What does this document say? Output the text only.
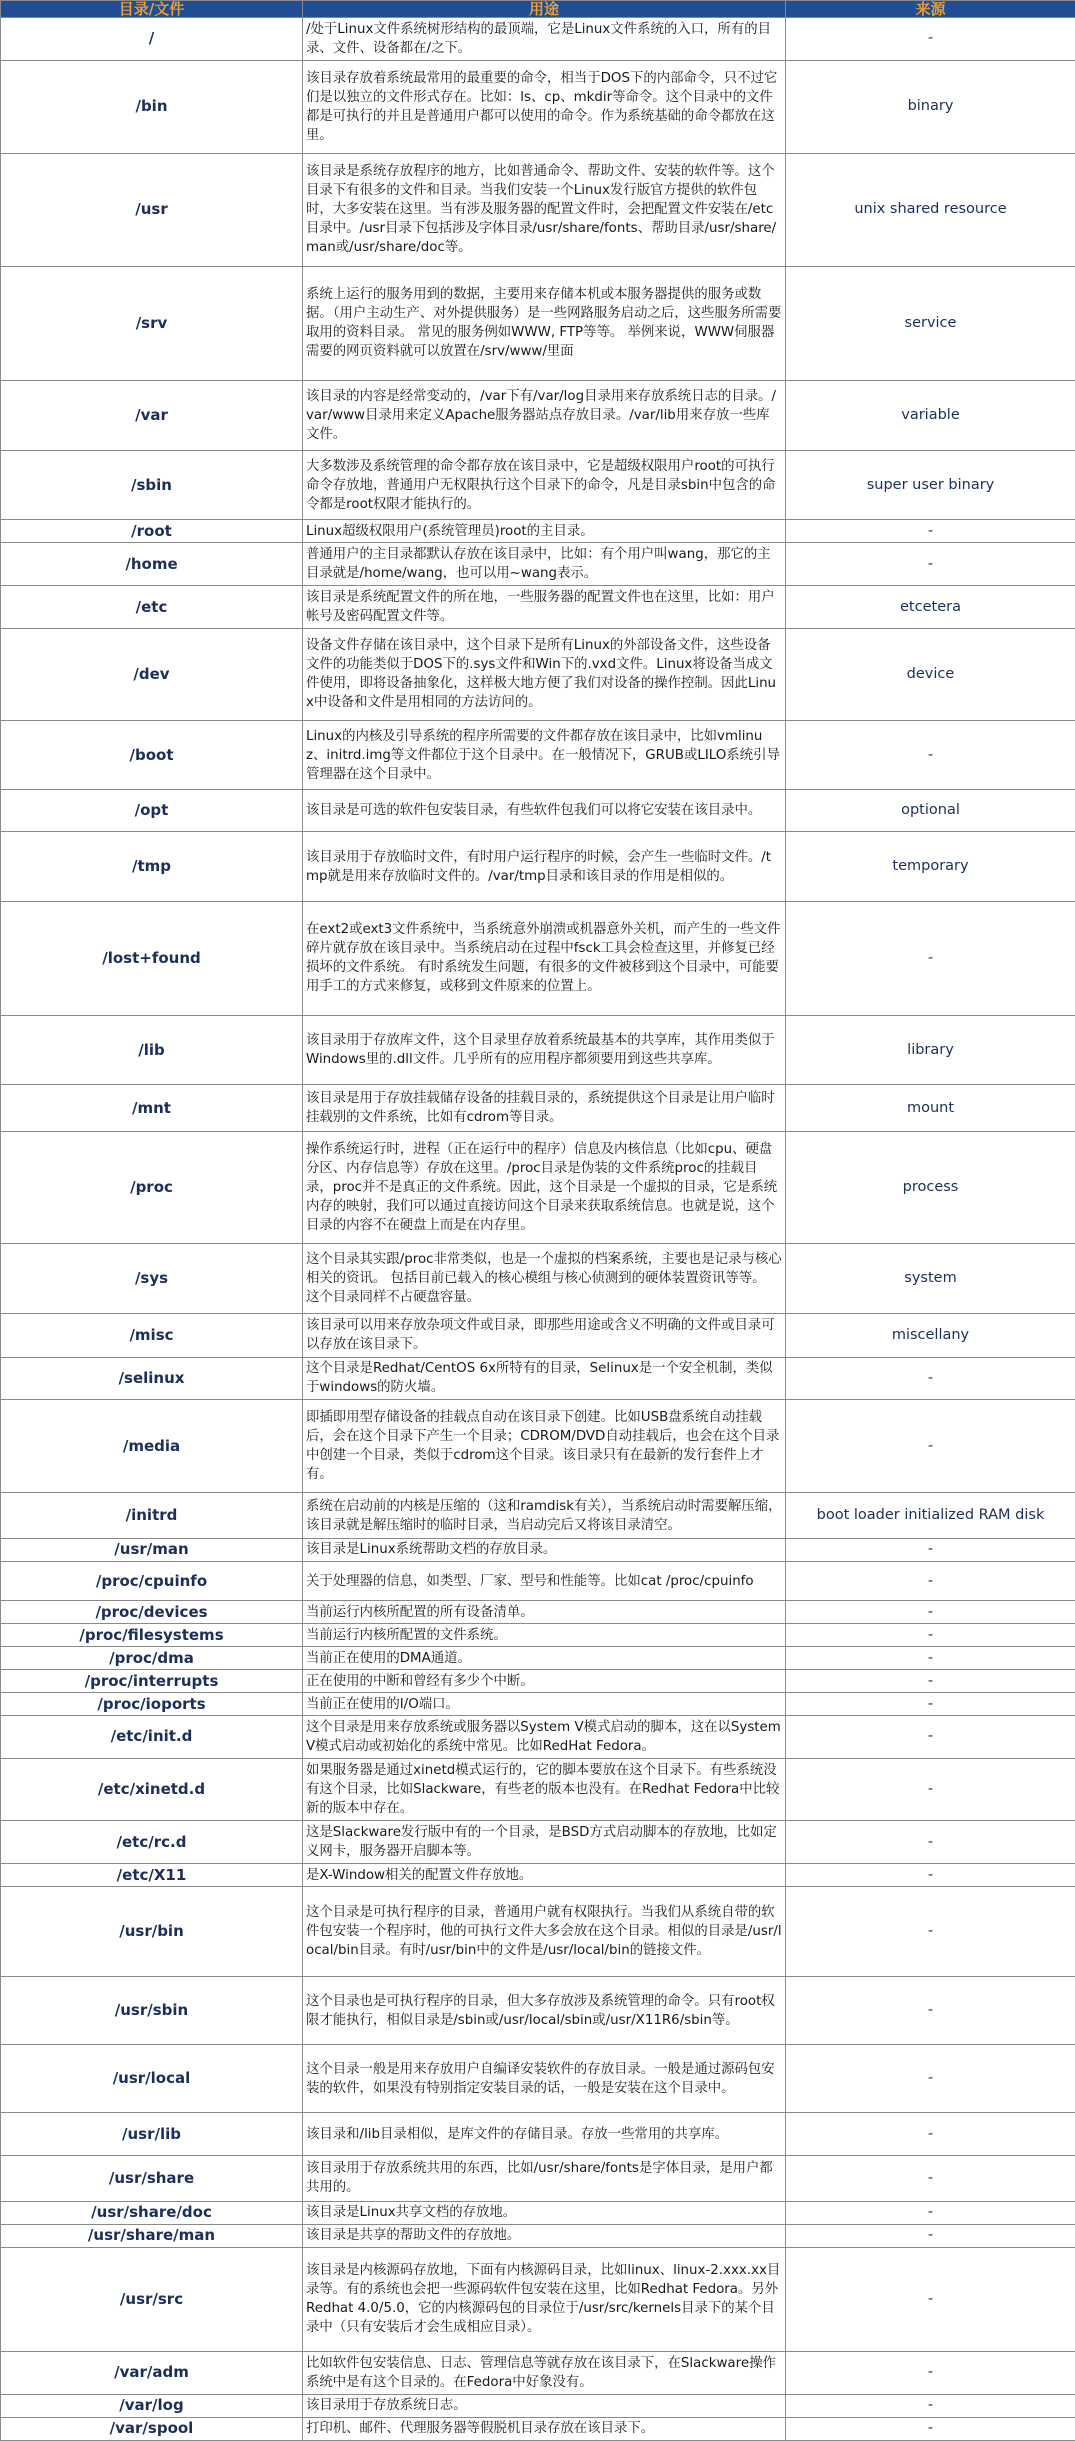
目录/文件	用途	来源
/	/处于Linux文件系统树形结构的最顶端，它是Linux文件系统的入口，所有的目录、文件、设备都在/之下。	-
/bin	该目录存放着系统最常用的最重要的命令，相当于DOS下的内部命令，只不过它们是以独立的文件形式存在。比如：ls、cp、mkdir等命令。这个目录中的文件都是可执行的并且是普通用户都可以使用的命令。作为系统基础的命令都放在这里。	binary
/usr	该目录是系统存放程序的地方，比如普通命令、帮助文件、安装的软件等。这个目录下有很多的文件和目录。当我们安装一个Linux发行版官方提供的软件包时，大多安装在这里。当有涉及服务器的配置文件时，会把配置文件安装在/etc目录中。/usr目录下包括涉及字体目录/usr/share/fonts、帮助目录/usr/share/man或/usr/share/doc等。	unix shared resource
/srv	系统上运行的服务用到的数据，主要用来存储本机或本服务器提供的服务或数据。（用户主动生产、对外提供服务）是一些网路服务启动之后，这些服务所需要取用的资料目录。 常见的服务例如WWW, FTP等等。 举例来说，WWW伺服器需要的网页资料就可以放置在/srv/www/里面	service
/var	该目录的内容是经常变动的，/var下有/var/log目录用来存放系统日志的目录。/var/www目录用来定义Apache服务器站点存放目录。/var/lib用来存放一些库文件。	variable
/sbin	大多数涉及系统管理的命令都存放在该目录中，它是超级权限用户root的可执行命令存放地，普通用户无权限执行这个目录下的命令，凡是目录sbin中包含的命令都是root权限才能执行的。	super user binary
/root	Linux超级权限用户(系统管理员)root的主目录。	-
/home	普通用户的主目录都默认存放在该目录中，比如：有个用户叫wang，那它的主目录就是/home/wang，也可以用~wang表示。	-
/etc	该目录是系统配置文件的所在地，一些服务器的配置文件也在这里，比如：用户帐号及密码配置文件等。	etcetera
/dev	设备文件存储在该目录中，这个目录下是所有Linux的外部设备文件，这些设备文件的功能类似于DOS下的.sys文件和Win下的.vxd文件。Linux将设备当成文件使用，即将设备抽象化，这样极大地方便了我们对设备的操作控制。因此Linux中设备和文件是用相同的方法访问的。	device
/boot	Linux的内核及引导系统的程序所需要的文件都存放在该目录中，比如vmlinuz、initrd.img等文件都位于这个目录中。在一般情况下，GRUB或LILO系统引导管理器在这个目录中。	-
/opt	该目录是可选的软件包安装目录，有些软件包我们可以将它安装在该目录中。	optional
/tmp	该目录用于存放临时文件，有时用户运行程序的时候，会产生一些临时文件。/tmp就是用来存放临时文件的。/var/tmp目录和该目录的作用是相似的。	temporary
/lost+found	在ext2或ext3文件系统中，当系统意外崩溃或机器意外关机，而产生的一些文件碎片就存放在该目录中。当系统启动在过程中fsck工具会检查这里，并修复已经损坏的文件系统。 有时系统发生问题，有很多的文件被移到这个目录中，可能要用手工的方式来修复，或移到文件原来的位置上。	-
/lib	该目录用于存放库文件，这个目录里存放着系统最基本的共享库，其作用类似于Windows里的.dll文件。几乎所有的应用程序都须要用到这些共享库。	library
/mnt	该目录是用于存放挂载储存设备的挂载目录的，系统提供这个目录是让用户临时挂载别的文件系统，比如有cdrom等目录。	mount
/proc	操作系统运行时，进程（正在运行中的程序）信息及内核信息（比如cpu、硬盘分区、内存信息等）存放在这里。/proc目录是伪装的文件系统proc的挂载目录，proc并不是真正的文件系统。因此，这个目录是一个虚拟的目录，它是系统内存的映射，我们可以通过直接访问这个目录来获取系统信息。也就是说，这个目录的内容不在硬盘上而是在内存里。	process
/sys	这个目录其实跟/proc非常类似，也是一个虚拟的档案系统，主要也是记录与核心相关的资讯。 包括目前已载入的核心模组与核心侦测到的硬体装置资讯等等。 这个目录同样不占硬盘容量。	system
/misc	该目录可以用来存放杂项文件或目录，即那些用途或含义不明确的文件或目录可以存放在该目录下。	miscellany
/selinux	这个目录是Redhat/CentOS 6x所特有的目录，Selinux是一个安全机制，类似于windows的防火墙。	-
/media	即插即用型存储设备的挂载点自动在该目录下创建。比如USB盘系统自动挂载后，会在这个目录下产生一个目录；CDROM/DVD自动挂载后，也会在这个目录中创建一个目录，类似于cdrom这个目录。该目录只有在最新的发行套件上才有。	-
/initrd	系统在启动前的内核是压缩的（这和ramdisk有关），当系统启动时需要解压缩，该目录就是解压缩时的临时目录，当启动完后又将该目录清空。	boot loader initialized RAM disk
/usr/man	该目录是Linux系统帮助文档的存放目录。	-
/proc/cpuinfo	关于处理器的信息，如类型、厂家、型号和性能等。比如cat /proc/cpuinfo	-
/proc/devices	当前运行内核所配置的所有设备清单。	-
/proc/filesystems	当前运行内核所配置的文件系统。	-
/proc/dma	当前正在使用的DMA通道。	-
/proc/interrupts	正在使用的中断和曾经有多少个中断。	-
/proc/ioports	当前正在使用的I/O端口。	-
/etc/init.d	这个目录是用来存放系统或服务器以System V模式启动的脚本，这在以System V模式启动或初始化的系统中常见。比如RedHat Fedora。	-
/etc/xinetd.d	如果服务器是通过xinetd模式运行的，它的脚本要放在这个目录下。有些系统没有这个目录，比如Slackware，有些老的版本也没有。在Redhat Fedora中比较新的版本中存在。	-
/etc/rc.d	这是Slackware发行版中有的一个目录，是BSD方式启动脚本的存放地，比如定义网卡，服务器开启脚本等。	-
/etc/X11	是X-Window相关的配置文件存放地。	-
/usr/bin	这个目录是可执行程序的目录，普通用户就有权限执行。当我们从系统自带的软件包安装一个程序时，他的可执行文件大多会放在这个目录。相似的目录是/usr/local/bin目录。有时/usr/bin中的文件是/usr/local/bin的链接文件。	-
/usr/sbin	这个目录也是可执行程序的目录，但大多存放涉及系统管理的命令。只有root权限才能执行，相似目录是/sbin或/usr/local/sbin或/usr/X11R6/sbin等。	-
/usr/local	这个目录一般是用来存放用户自编译安装软件的存放目录。一般是通过源码包安装的软件，如果没有特别指定安装目录的话，一般是安装在这个目录中。	-
/usr/lib	该目录和/lib目录相似，是库文件的存储目录。存放一些常用的共享库。	-
/usr/share	该目录用于存放系统共用的东西，比如/usr/share/fonts是字体目录，是用户都共用的。	-
/usr/share/doc	该目录是Linux共享文档的存放地。	-
/usr/share/man	该目录是共享的帮助文件的存放地。	-
/usr/src	该目录是内核源码存放地，下面有内核源码目录，比如linux、linux-2.xxx.xx目录等。有的系统也会把一些源码软件包安装在这里，比如Redhat Fedora。另外Redhat 4.0/5.0，它的内核源码包的目录位于/usr/src/kernels目录下的某个目录中（只有安装后才会生成相应目录）。	-
/var/adm	比如软件包安装信息、日志、管理信息等就存放在该目录下，在Slackware操作系统中是有这个目录的。在Fedora中好象没有。	-
/var/log	该目录用于存放系统日志。	-
/var/spool	打印机、邮件、代理服务器等假脱机目录存放在该目录下。	-
